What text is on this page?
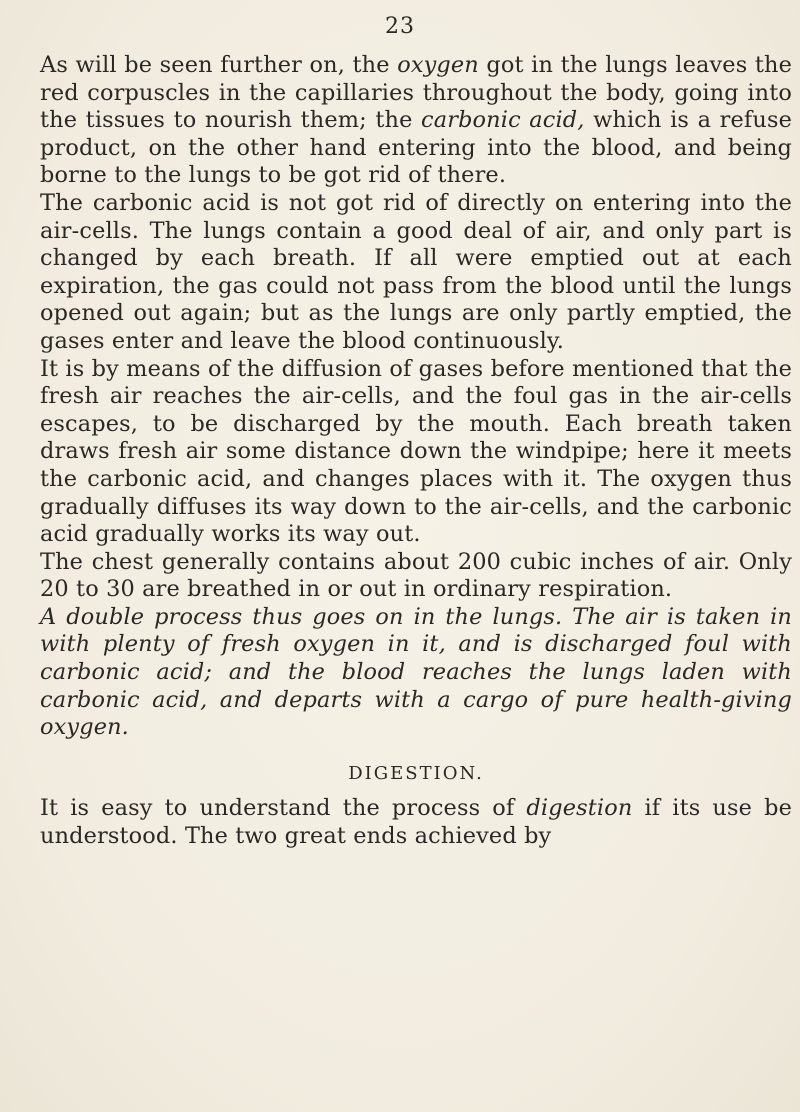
23

As will be seen further on, the oxygen got in the lungs leaves the red corpuscles in the capillaries throughout the body, going into the tissues to nourish them; the carbonic acid, which is a refuse product, on the other hand entering into the blood, and being borne to the lungs to be got rid of there.

The carbonic acid is not got rid of directly on entering into the air-cells. The lungs contain a good deal of air, and only part is changed by each breath. If all were emptied out at each expiration, the gas could not pass from the blood until the lungs opened out again; but as the lungs are only partly emptied, the gases enter and leave the blood continuously.

It is by means of the diffusion of gases before mentioned that the fresh air reaches the air-cells, and the foul gas in the air-cells escapes, to be discharged by the mouth. Each breath taken draws fresh air some distance down the windpipe; here it meets the carbonic acid, and changes places with it. The oxygen thus gradually diffuses its way down to the air-cells, and the carbonic acid gradually works its way out.

The chest generally contains about 200 cubic inches of air. Only 20 to 30 are breathed in or out in ordinary respiration.

A double process thus goes on in the lungs. The air is taken in with plenty of fresh oxygen in it, and is discharged foul with carbonic acid; and the blood reaches the lungs laden with carbonic acid, and departs with a cargo of pure health-giving oxygen.

DIGESTION.

It is easy to understand the process of digestion if its use be understood. The two great ends achieved by
